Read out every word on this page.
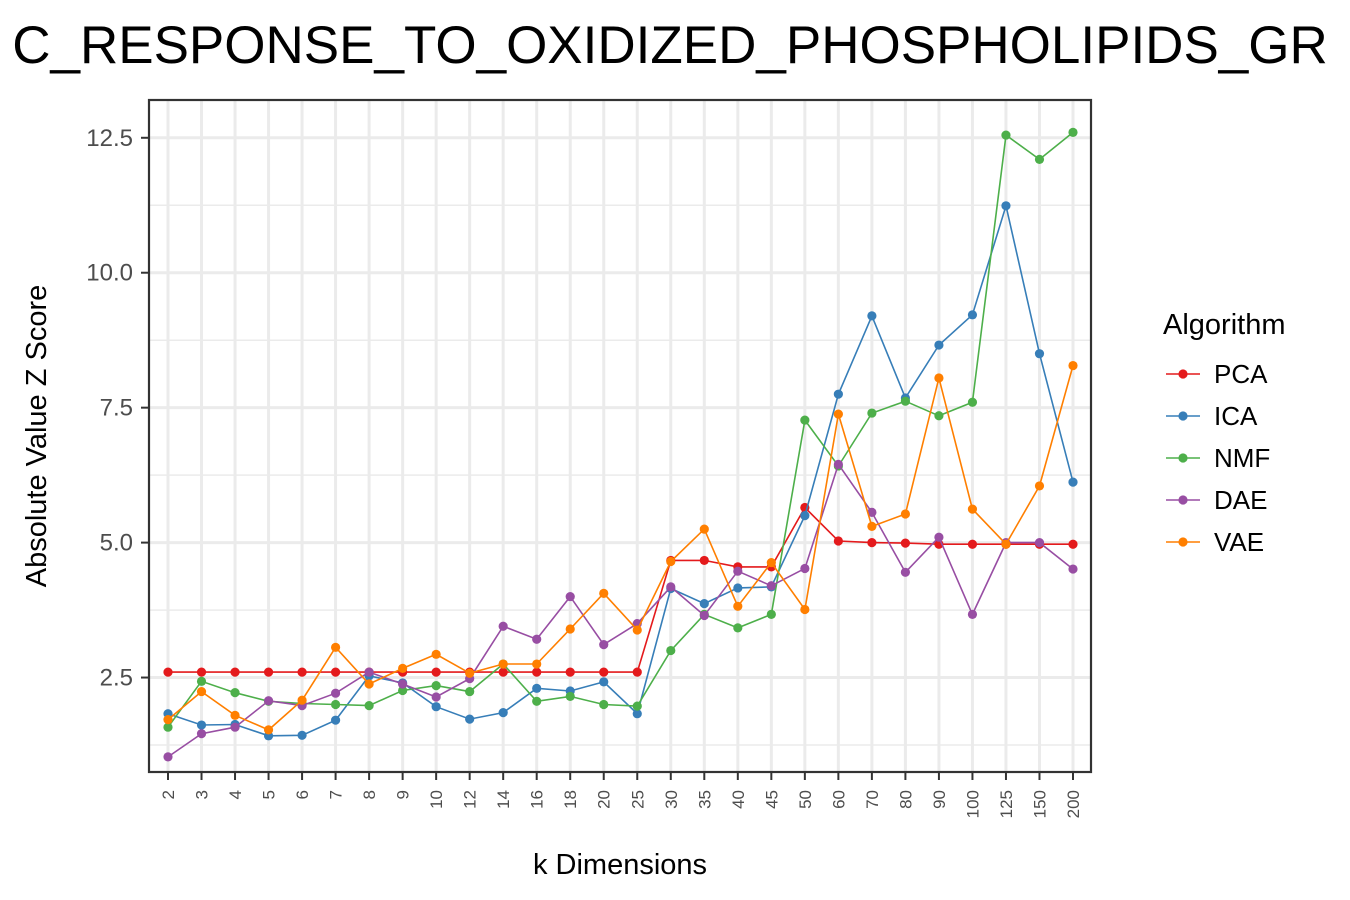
C_RESPONSE_TO_OXIDIZED_PHOSPHOLIPIDS_GR
2.5
5.0
7.5
10.0
12.5
2 3 4 5 6 7 8 9 10 12 14 16 18 20 25 30 35 40 45 50 60 70 80 90 100 125 150 200
k Dimensions
Absolute Value Z Score	Algorithm
PCA
ICA
NMF
DAE
VAE
